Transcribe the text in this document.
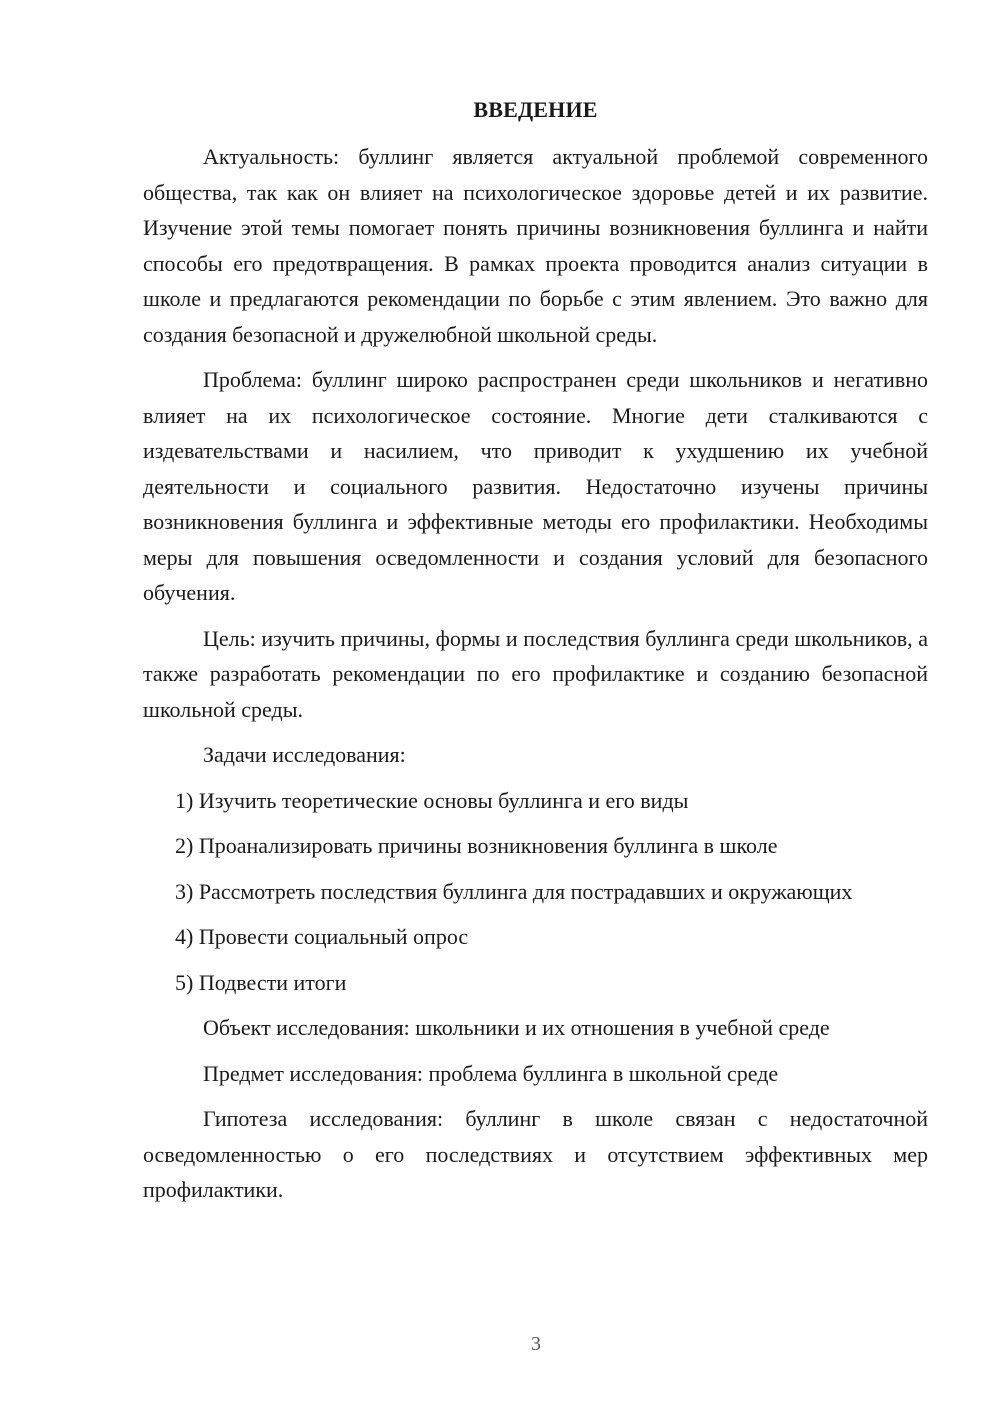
ВВЕДЕНИЕ

Актуальность: буллинг является актуальной проблемой современного общества, так как он влияет на психологическое здоровье детей и их развитие. Изучение этой темы помогает понять причины возникновения буллинга и найти способы его предотвращения. В рамках проекта проводится анализ ситуации в школе и предлагаются рекомендации по борьбе с этим явлением. Это важно для создания безопасной и дружелюбной школьной среды.

Проблема: буллинг широко распространен среди школьников и негативно влияет на их психологическое состояние. Многие дети сталкиваются с издевательствами и насилием, что приводит к ухудшению их учебной деятельности и социального развития. Недостаточно изучены причины возникновения буллинга и эффективные методы его профилактики. Необходимы меры для повышения осведомленности и создания условий для безопасного обучения.

Цель: изучить причины, формы и последствия буллинга среди школьников, а также разработать рекомендации по его профилактике и созданию безопасной школьной среды.

Задачи исследования:

1) Изучить теоретические основы буллинга и его виды

2) Проанализировать причины возникновения буллинга в школе

3) Рассмотреть последствия буллинга для пострадавших и окружающих

4) Провести социальный опрос

5) Подвести итоги

Объект исследования: школьники и их отношения в учебной среде

Предмет исследования: проблема буллинга в школьной среде

Гипотеза исследования: буллинг в школе связан с недостаточной осведомленностью о его последствиях и отсутствием эффективных мер профилактики.

3
